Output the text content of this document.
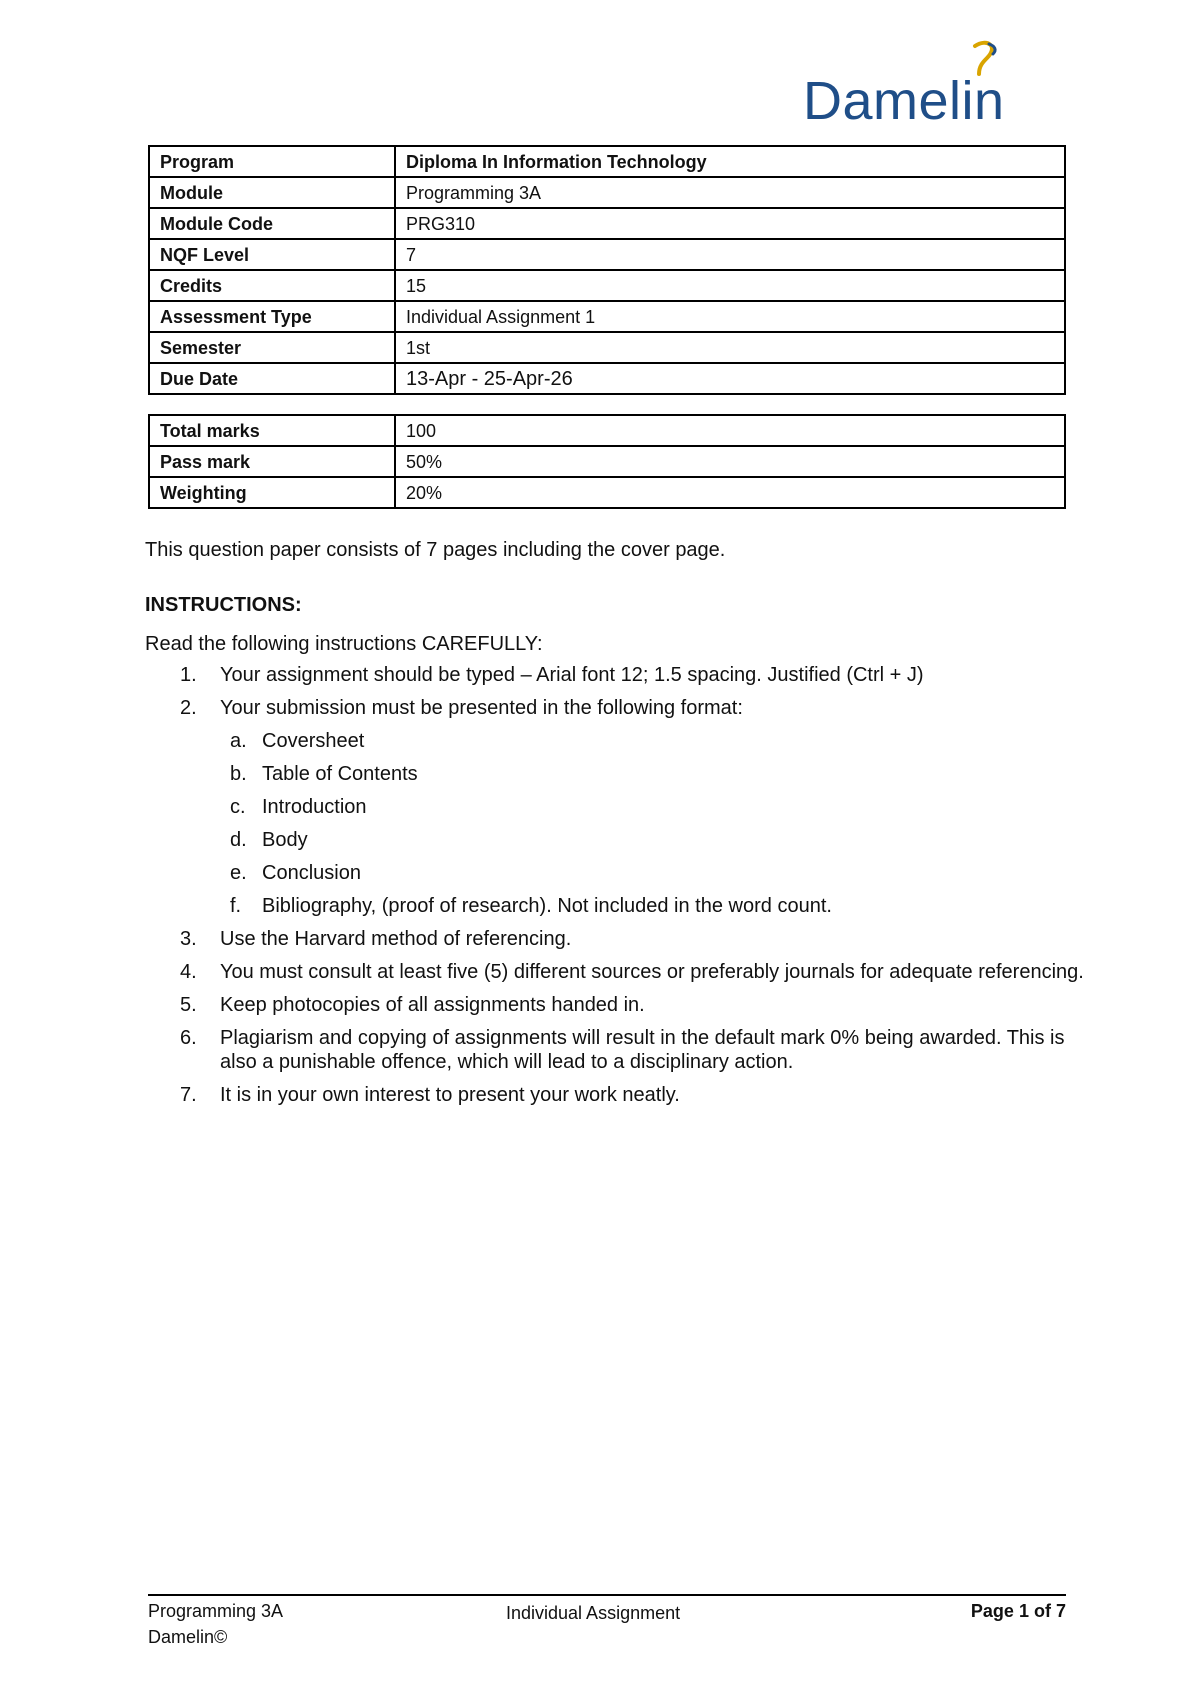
Damelin
Program	Diploma In Information Technology
Module	Programming 3A
Module Code	PRG310
NQF Level	7
Credits	15
Assessment Type	Individual Assignment 1
Semester	1st
Due Date	13-Apr - 25-Apr-26
Total marks	100
Pass mark	50%
Weighting	20%
This question paper consists of 7 pages including the cover page.
INSTRUCTIONS:
Read the following instructions CAREFULLY:
1. Your assignment should be typed – Arial font 12; 1.5 spacing. Justified (Ctrl + J)
2. Your submission must be presented in the following format:
a. Coversheet
b. Table of Contents
c. Introduction
d. Body
e. Conclusion
f. Bibliography, (proof of research). Not included in the word count.
3. Use the Harvard method of referencing.
4. You must consult at least five (5) different sources or preferably journals for adequate referencing.
5. Keep photocopies of all assignments handed in.
6. Plagiarism and copying of assignments will result in the default mark 0% being awarded. This is also a punishable offence, which will lead to a disciplinary action.
7. It is in your own interest to present your work neatly.
Programming 3A
Damelin©
Individual Assignment	Page 1 of 7
